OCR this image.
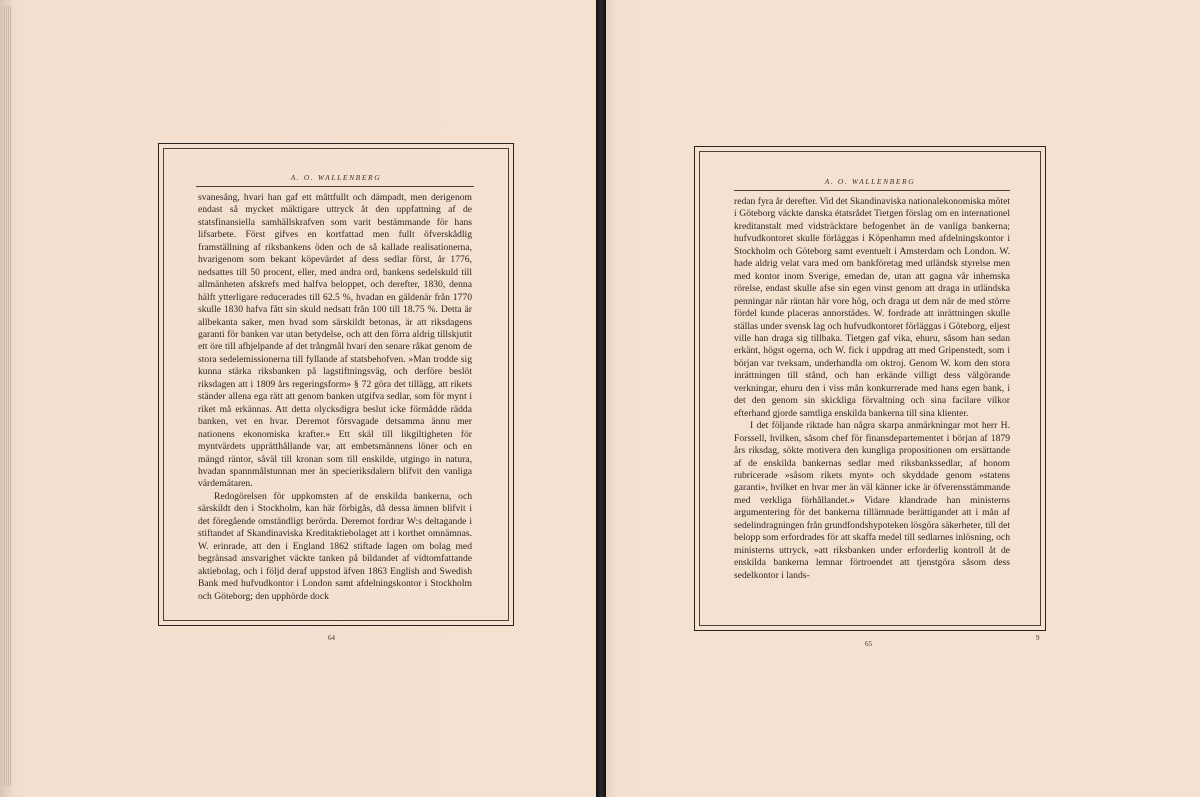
A. O. WALLENBERG

svanesång, hvari han gaf ett måttfullt och dämpadt, men derigenom endast så mycket mäktigare uttryck åt den uppfattning af de statsfinansiella samhällskrafven som varit bestämmande för hans lifsarbete. Först gifves en kortfattad men fullt öfverskådlig framställning af riksbankens öden och de så kallade realisationerna, hvarigenom som bekant köpevärdet af dess sedlar först, år 1776, nedsattes till 50 procent, eller, med andra ord, bankens sedelskuld till allmänheten afskrefs med halfva beloppet, och derefter, 1830, denna hälft ytterligare reducerades till 62.5 %, hvadan en gäldenär från 1770 skulle 1830 hafva fått sin skuld nedsatt från 100 till 18.75 %. Detta är allbekanta saker, men hvad som särskildt betonas, är att riksdagens garanti för banken var utan betydelse, och att den förra aldrig tillskjutit ett öre till afhjelpande af det trångmål hvari den senare råkat genom de stora sedelemissionerna till fyllande af statsbehofven. »Man trodde sig kunna stärka riksbanken på lagstiftningsväg, och derföre beslöt riksdagen att i 1809 års regeringsform» § 72 göra det tillägg, att rikets ständer allena ega rätt att genom banken utgifva sedlar, som för mynt i riket må erkännas. Att detta olycksdigra beslut icke förmådde rädda banken, vet en hvar. Deremot försvagade detsamma ännu mer nationens ekonomiska krafter.» Ett skäl till likgiltigheten för myntvärdets upprätthållande var, att embetsmännens löner och en mängd räntor, såväl till kronan som till enskilde, utgingo in natura, hvadan spannmålstunnan mer än specieriksdalern blifvit den vanliga värdemätaren.

Redogörelsen för uppkomsten af de enskilda bankerna, och särskildt den i Stockholm, kan här förbigås, då dessa ämnen blifvit i det föregående omständligt berörda. Deremot fordrar W:s deltagande i stiftandet af Skandinaviska Kreditaktiebolaget att i korthet omnämnas. W. erinrade, att den i England 1862 stiftade lagen om bolag med begränsad ansvarighet väckte tanken på bildandet af vidtomfattande aktiebolag, och i följd deraf uppstod äfven 1863 English and Swedish Bank med hufvudkontor i London samt afdelningskontor i Stockholm och Göteborg; den upphörde dock

64
A. O. WALLENBERG

redan fyra år derefter. Vid det Skandinaviska nationalekonomiska mötet i Göteborg väckte danska étatsrådet Tietgen förslag om en internationel kreditanstalt med vidsträcktare befogenhet än de vanliga bankerna; hufvudkontoret skulle förläggas i Köpenhamn med afdelningskontor i Stockholm och Göteborg samt eventuelt i Amsterdam och London. W. hade aldrig velat vara med om bankföretag med utländsk styrelse men med kontor inom Sverige, emedan de, utan att gagna vår inhemska rörelse, endast skulle afse sin egen vinst genom att draga in utländska penningar när räntan här vore hög, och draga ut dem när de med större fördel kunde placeras annorstädes. W. fordrade att inrättningen skulle ställas under svensk lag och hufvudkontoret förläggas i Göteborg, eljest ville han draga sig tillbaka. Tietgen gaf vika, ehuru, såsom han sedan erkänt, högst ogerna, och W. fick i uppdrag att med Gripenstedt, som i början var tveksam, underhandla om oktroj. Genom W. kom den stora inrättningen till stånd, och han erkände villigt dess välgörande verkningar, ehuru den i viss mån konkurrerade med hans egen bank, i det den genom sin skickliga förvaltning och sina facilare vilkor efterhand gjorde samtliga enskilda bankerna till sina klienter.

I det följande riktade han några skarpa anmärkningar mot herr H. Forssell, hvilken, såsom chef för finansdepartementet i början af 1879 års riksdag, sökte motivera den kungliga propositionen om ersättande af de enskilda bankernas sedlar med riksbankssedlar, af honom rubricerade »såsom rikets mynt» och skyddade genom »statens garanti», hvilket en hvar mer än väl känner icke är öfverensstämmande med verkliga förhållandet.» Vidare klandrade han ministerns argumentering för det bankerna tillämnade berättigandet att i mån af sedelindragningen från grundfondshypoteken lösgöra säkerheter, till det belopp som erfordrades för att skaffa medel till sedlarnes inlösning, och ministerns uttryck, »att riksbanken under erforderlig kontroll åt de enskilda bankerna lemnar förtroendet att tjenstgöra såsom dess sedelkontor i lands-

65
9
